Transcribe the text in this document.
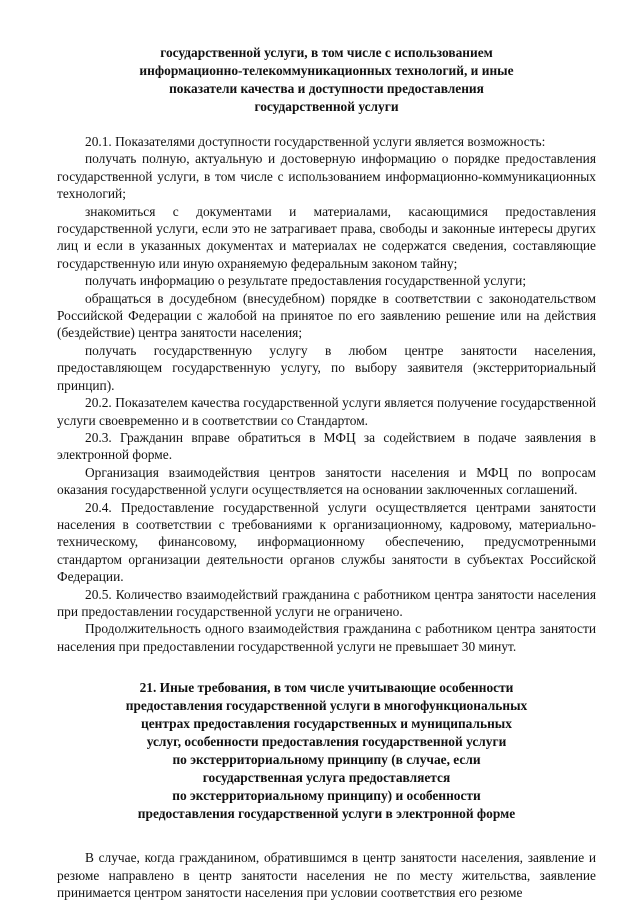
государственной услуги, в том числе с использованием
информационно-телекоммуникационных технологий, и иные
показатели качества и доступности предоставления
государственной услуги

20.1. Показателями доступности государственной услуги является возможность:

получать полную, актуальную и достоверную информацию о порядке предоставления государственной услуги, в том числе с использованием информационно-коммуникационных технологий;

знакомиться с документами и материалами, касающимися предоставления государственной услуги, если это не затрагивает права, свободы и законные интересы других лиц и если в указанных документах и материалах не содержатся сведения, составляющие государственную или иную охраняемую федеральным законом тайну;

получать информацию о результате предоставления государственной услуги;

обращаться в досудебном (внесудебном) порядке в соответствии с законодательством Российской Федерации с жалобой на принятое по его заявлению решение или на действия (бездействие) центра занятости населения;

получать государственную услугу в любом центре занятости населения, предоставляющем государственную услугу, по выбору заявителя (экстерриториальный принцип).

20.2. Показателем качества государственной услуги является получение государственной услуги своевременно и в соответствии со Стандартом.

20.3. Гражданин вправе обратиться в МФЦ за содействием в подаче заявления в электронной форме.

Организация взаимодействия центров занятости населения и МФЦ по вопросам оказания государственной услуги осуществляется на основании заключенных соглашений.

20.4. Предоставление государственной услуги осуществляется центрами занятости населения в соответствии с требованиями к организационному, кадровому, материально-техническому, финансовому, информационному обеспечению, предусмотренными стандартом организации деятельности органов службы занятости в субъектах Российской Федерации.

20.5. Количество взаимодействий гражданина с работником центра занятости населения при предоставлении государственной услуги не ограничено.

Продолжительность одного взаимодействия гражданина с работником центра занятости населения при предоставлении государственной услуги не превышает 30 минут.

21. Иные требования, в том числе учитывающие особенности
предоставления государственной услуги в многофункциональных
центрах предоставления государственных и муниципальных
услуг, особенности предоставления государственной услуги
по экстерриториальному принципу (в случае, если
государственная услуга предоставляется
по экстерриториальному принципу) и особенности
предоставления государственной услуги в электронной форме

В случае, когда гражданином, обратившимся в центр занятости населения, заявление и резюме направлено в центр занятости населения не по месту жительства, заявление принимается центром занятости населения при условии соответствия его резюме
